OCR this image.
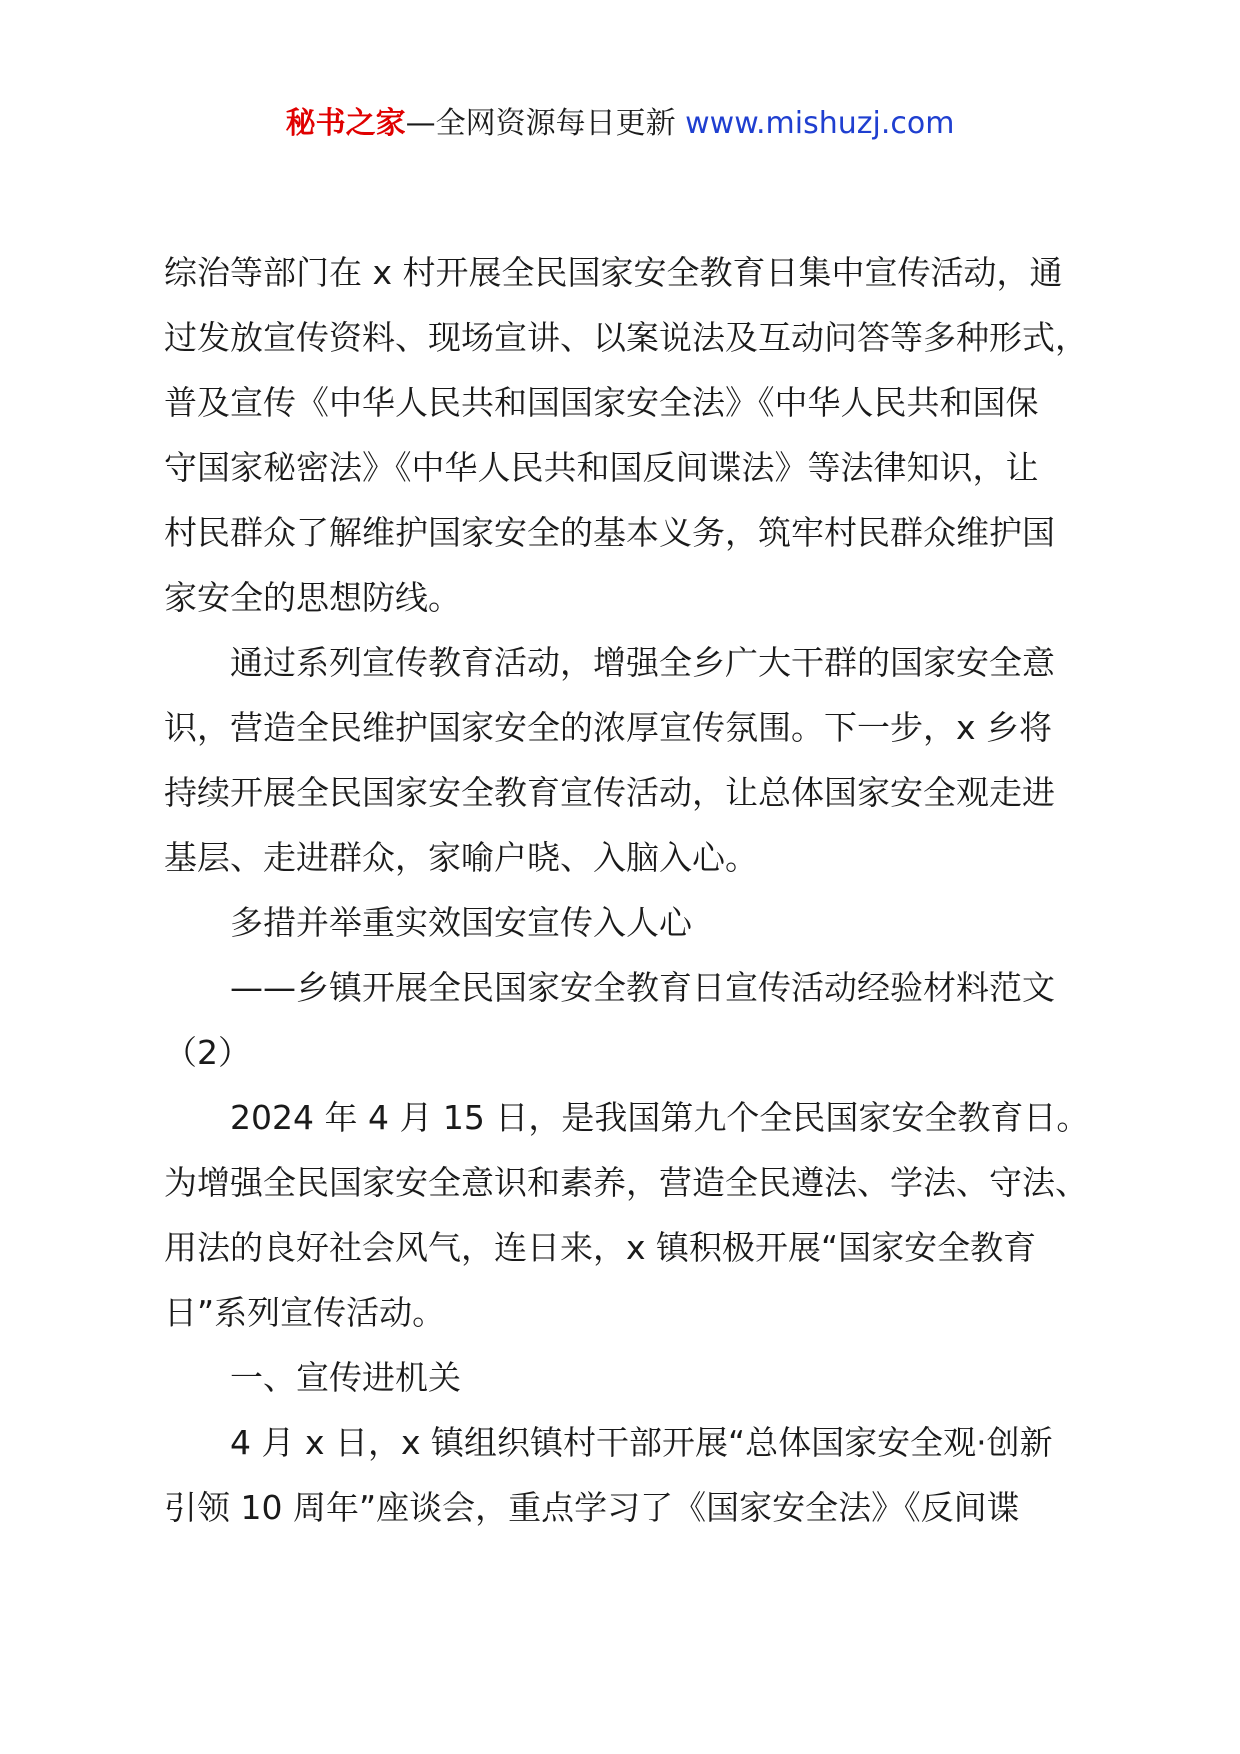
秘书之家—全网资源每日更新 www.mishuzj.com
综治等部门在 x 村开展全民国家安全教育日集中宣传活动，通
过发放宣传资料、现场宣讲、以案说法及互动问答等多种形式，
普及宣传《中华人民共和国国家安全法》《中华人民共和国保
守国家秘密法》《中华人民共和国反间谍法》等法律知识，让
村民群众了解维护国家安全的基本义务，筑牢村民群众维护国
家安全的思想防线。
通过系列宣传教育活动，增强全乡广大干群的国家安全意
识，营造全民维护国家安全的浓厚宣传氛围。下一步，x 乡将
持续开展全民国家安全教育宣传活动，让总体国家安全观走进
基层、走进群众，家喻户晓、入脑入心。
多措并举重实效国安宣传入人心
——乡镇开展全民国家安全教育日宣传活动经验材料范文
（2）
2024 年 4 月 15 日，是我国第九个全民国家安全教育日。
为增强全民国家安全意识和素养，营造全民遵法、学法、守法、
用法的良好社会风气，连日来，x 镇积极开展“国家安全教育
日”系列宣传活动。
一、宣传进机关
4 月 x 日，x 镇组织镇村干部开展“总体国家安全观·创新
引领 10 周年”座谈会，重点学习了《国家安全法》《反间谍
